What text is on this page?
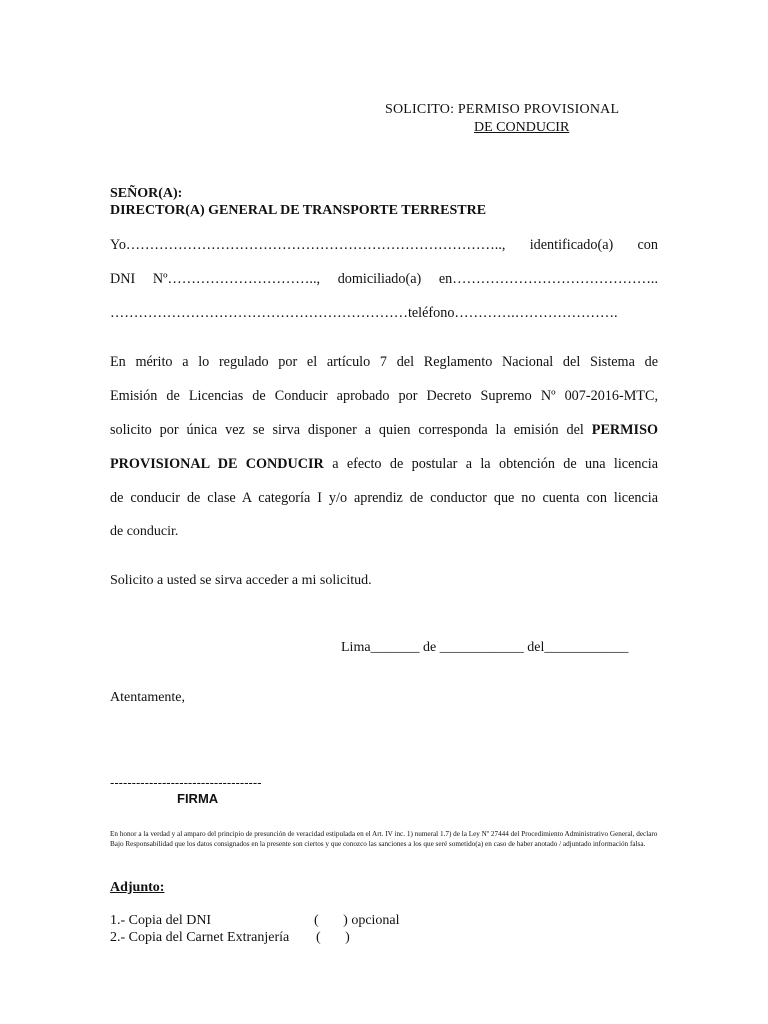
SOLICITO: PERMISO PROVISIONAL
DE CONDUCIR
SEÑOR(A):
DIRECTOR(A) GENERAL DE TRANSPORTE TERRESTRE
Yo…………………………………………………………………….., identificado(a) con
DNI Nº………………………….., domiciliado(a) en……………………………………..
………………………………………………………teléfono………….………………….
En mérito a lo regulado por el artículo 7 del Reglamento Nacional del Sistema de
Emisión de Licencias de Conducir aprobado por Decreto Supremo Nº 007-2016-MTC,
solicito por única vez se sirva disponer a quien corresponda la emisión del PERMISO
PROVISIONAL DE CONDUCIR a efecto de postular a la obtención de una licencia
de conducir de clase A categoría I y/o aprendiz de conductor que no cuenta con licencia
de conducir.
Solicito a usted se sirva acceder a mi solicitud.
Lima_______ de ____________ del____________
Atentamente,
-----------------------------------
FIRMA
En honor a la verdad y al amparo del principio de presunción de veracidad estipulada en el Art. IV inc. 1) numeral 1.7) de la Ley Nº 27444 del Procedimiento Administrativo General, declaro Bajo Responsabilidad que los datos consignados en la presente son ciertos y que conozco las sanciones a los que seré sometido(a) en caso de haber anotado / adjuntado información falsa.
Adjunto:
1.- Copia del DNI	(       ) opcional
2.- Copia del Carnet Extranjería (       )
